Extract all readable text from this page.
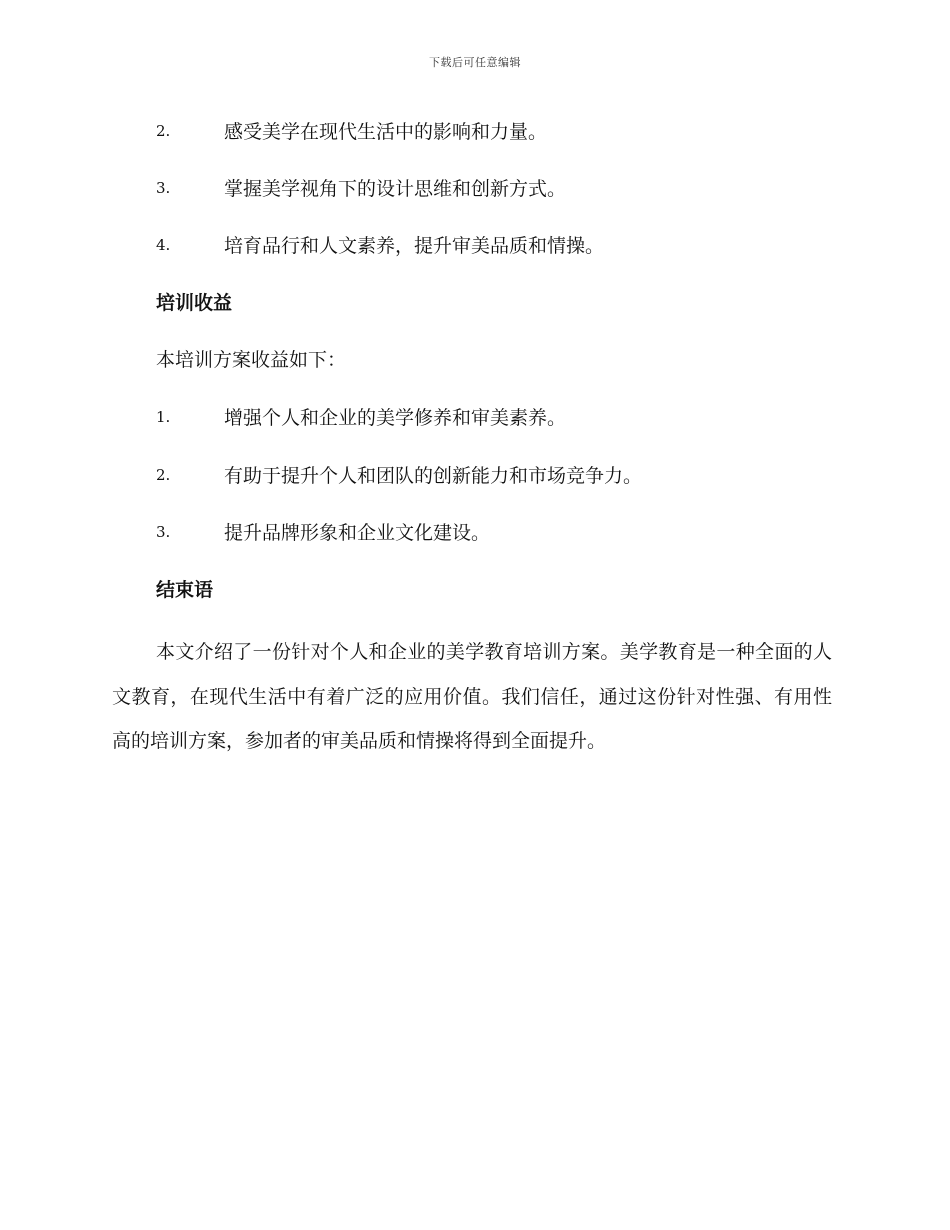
下载后可任意编辑
2.	感受美学在现代生活中的影响和力量。
3.	掌握美学视角下的设计思维和创新方式。
4.	培育品行和人文素养，提升审美品质和情操。
培训收益
本培训方案收益如下：
1.	增强个人和企业的美学修养和审美素养。
2.	有助于提升个人和团队的创新能力和市场竞争力。
3.	提升品牌形象和企业文化建设。
结束语

本文介绍了一份针对个人和企业的美学教育培训方案。美学教育是一种全面的人文教育，在现代生活中有着广泛的应用价值。我们信任，通过这份针对性强、有用性高的培训方案，参加者的审美品质和情操将得到全面提升。
